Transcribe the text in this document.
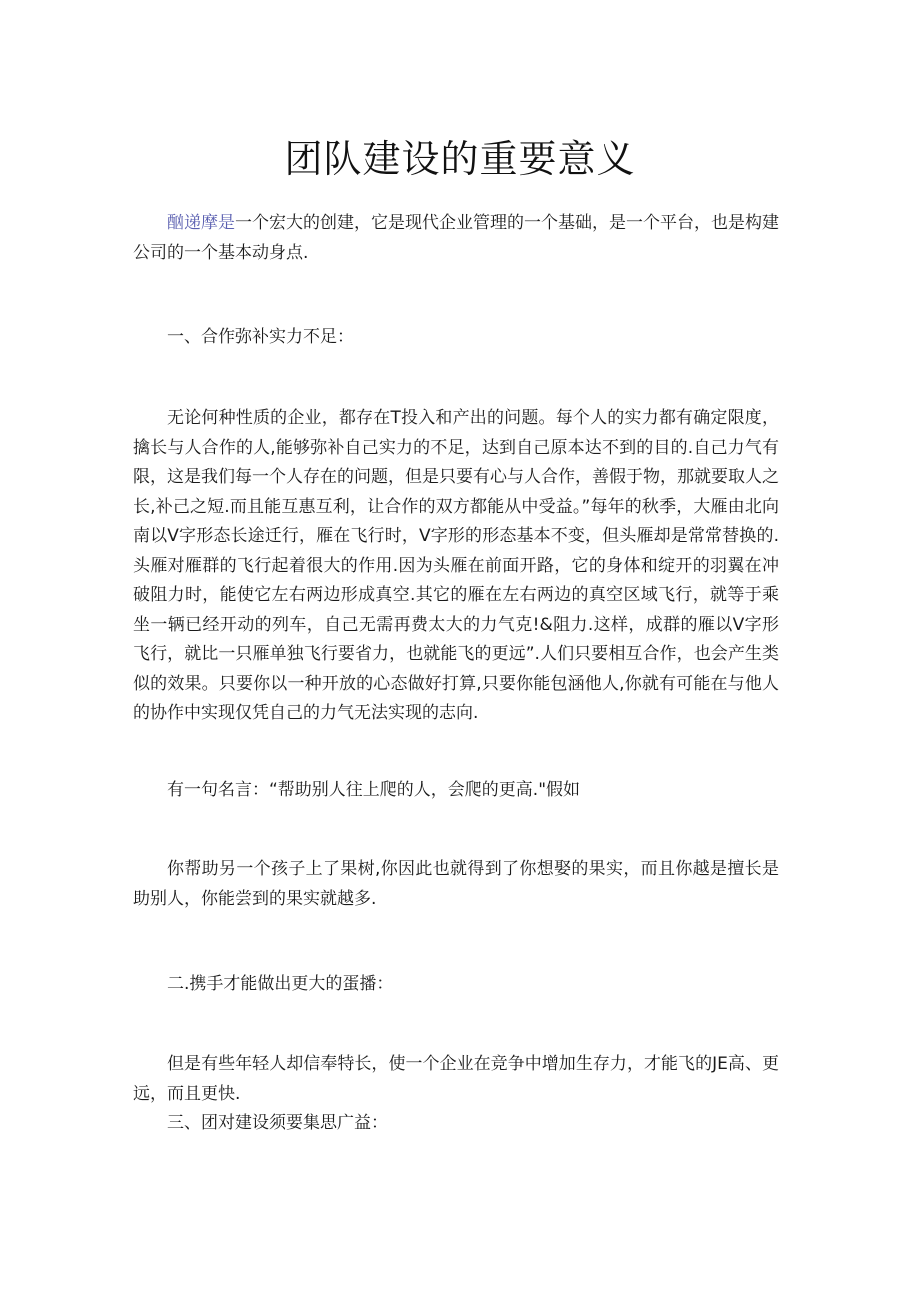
团队建设的重要意义

酗递摩是一个宏大的创建，它是现代企业管理的一个基础，是一个平台，也是构建公司的一个基本动身点.

一、合作弥补实力不足：

无论何种性质的企业，都存在T投入和产出的问题。每个人的实力都有确定限度，擒长与人合作的人,能够弥补自己实力的不足，达到自己原本达不到的目的.自己力气有限，这是我们每一个人存在的问题，但是只要有心与人合作，善假于物，那就要取人之长,补己之短.而且能互惠互利，让合作的双方都能从中受益。”每年的秋季，大雁由北向南以V字形态长途迁行，雁在飞行时，V字形的形态基本不变，但头雁却是常常替换的.头雁对雁群的飞行起着很大的作用.因为头雁在前面开路，它的身体和绽开的羽翼在冲破阻力时，能使它左右两边形成真空.其它的雁在左右两边的真空区域飞行，就等于乘坐一辆已经开动的列车，自己无需再费太大的力气克!&阻力.这样，成群的雁以V字形飞行，就比一只雁单独飞行要省力，也就能飞的更远”.人们只要相互合作，也会产生类似的效果。只要你以一种开放的心态做好打算,只要你能包涵他人,你就有可能在与他人的协作中实现仅凭自己的力气无法实现的志向.

有一句名言：“帮助别人往上爬的人，会爬的更高."假如

你帮助另一个孩子上了果树,你因此也就得到了你想娶的果实，而且你越是擅长是助别人，你能尝到的果实就越多.

二.携手才能做出更大的蛋播：

但是有些年轻人却信奉特长，使一个企业在竞争中增加生存力，才能飞的JE高、更远，而且更快.

三、团对建设须要集思广益：
